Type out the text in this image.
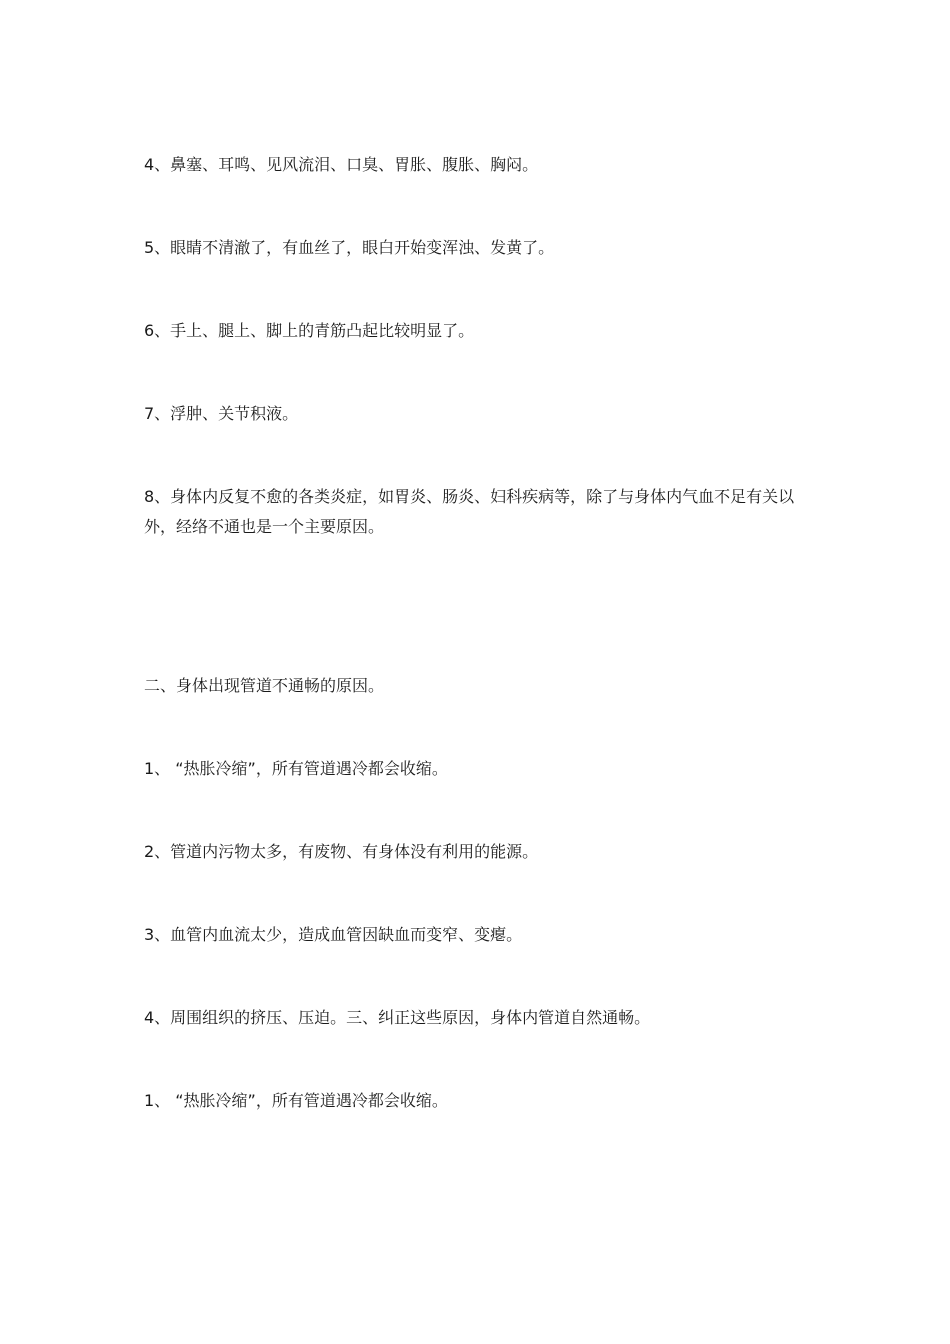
4、鼻塞、耳鸣、见风流泪、口臭、胃胀、腹胀、胸闷。

5、眼睛不清澈了，有血丝了，眼白开始变浑浊、发黄了。

6、手上、腿上、脚上的青筋凸起比较明显了。

7、浮肿、关节积液。

8、身体内反复不愈的各类炎症，如胃炎、肠炎、妇科疾病等，除了与身体内气血不足有关以外，经络不通也是一个主要原因。

二、身体出现管道不通畅的原因。

1、 “热胀冷缩”，所有管道遇冷都会收缩。

2、管道内污物太多，有废物、有身体没有利用的能源。

3、血管内血流太少，造成血管因缺血而变窄、变瘪。

4、周围组织的挤压、压迫。三、纠正这些原因，身体内管道自然通畅。

1、 “热胀冷缩”，所有管道遇冷都会收缩。
